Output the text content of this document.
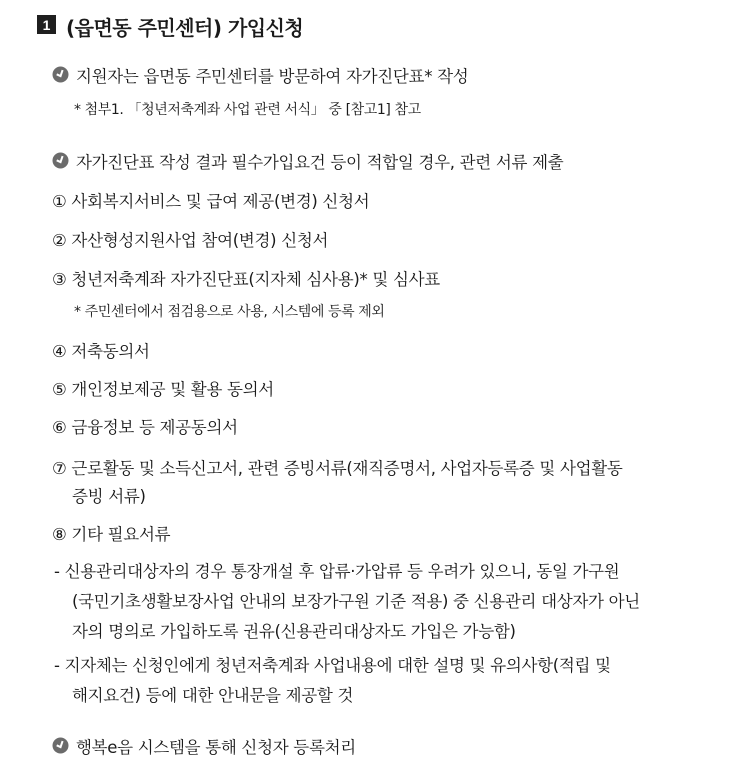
1 (읍면동 주민센터) 가입신청
지원자는 읍면동 주민센터를 방문하여 자가진단표* 작성
* 첨부1. 「청년저축계좌 사업 관련 서식」 중 [참고1] 참고
자가진단표 작성 결과 필수가입요건 등이 적합일 경우, 관련 서류 제출
① 사회복지서비스 및 급여 제공(변경) 신청서
② 자산형성지원사업 참여(변경) 신청서
③ 청년저축계좌 자가진단표(지자체 심사용)* 및 심사표
* 주민센터에서 점검용으로 사용, 시스템에 등록 제외
④ 저축동의서
⑤ 개인정보제공 및 활용 동의서
⑥ 금융정보 등 제공동의서
⑦ 근로활동 및 소득신고서, 관련 증빙서류(재직증명서, 사업자등록증 및 사업활동
증빙 서류)
⑧ 기타 필요서류
- 신용관리대상자의 경우 통장개설 후 압류·가압류 등 우려가 있으니, 동일 가구원
(국민기초생활보장사업 안내의 보장가구원 기준 적용) 중 신용관리 대상자가 아닌
자의 명의로 가입하도록 권유(신용관리대상자도 가입은 가능함)
- 지자체는 신청인에게 청년저축계좌 사업내용에 대한 설명 및 유의사항(적립 및
해지요건) 등에 대한 안내문을 제공할 것
행복e음 시스템을 통해 신청자 등록처리
